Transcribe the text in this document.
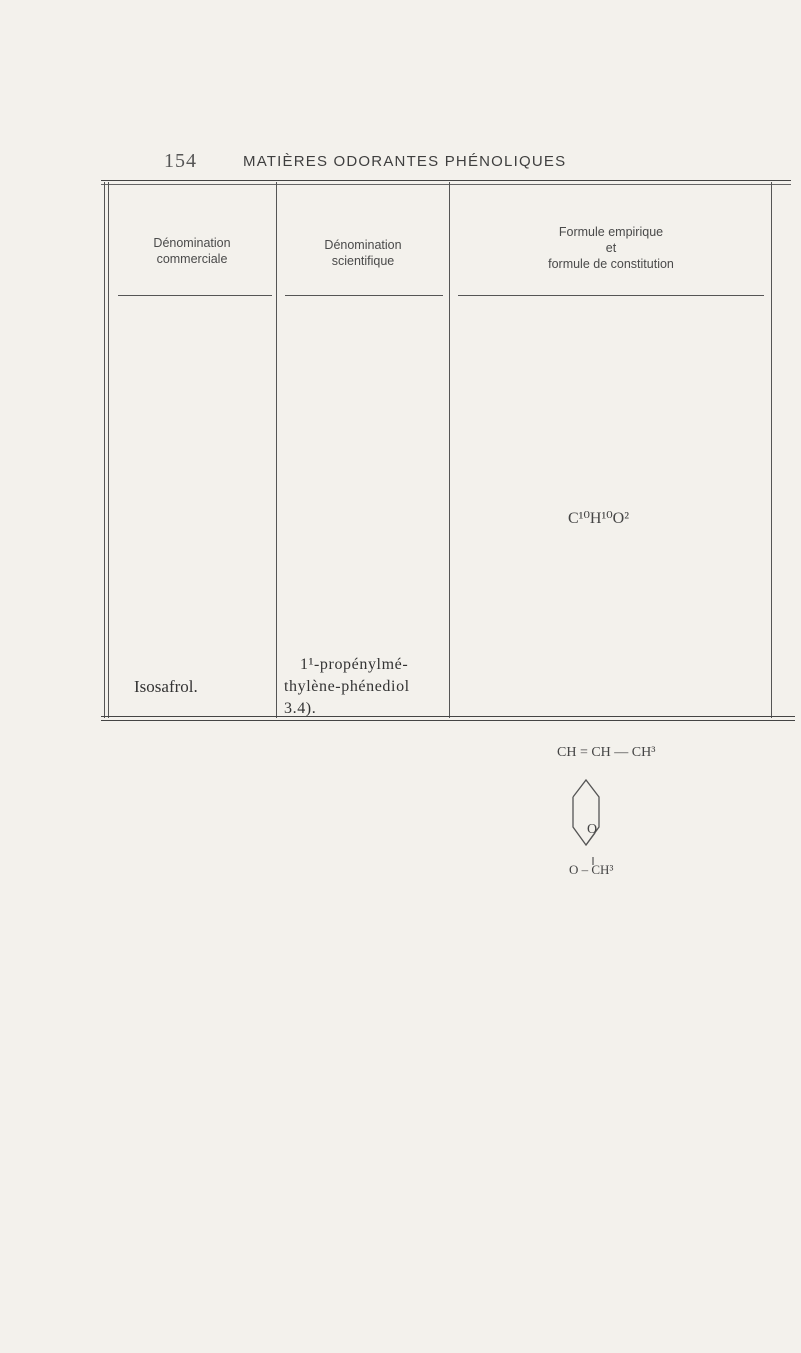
154	MATIÈRES ODORANTES PHÉNOLIQUES
Dénomination
commerciale
Dénomination
scientifique
Formule empirique
et
formule de constitution
Isosafrol.
1¹-propénylmé-
thylène-phénediol
3.4).
C¹⁰H¹⁰O²
CH = CH — CH³
O
O – CH³
